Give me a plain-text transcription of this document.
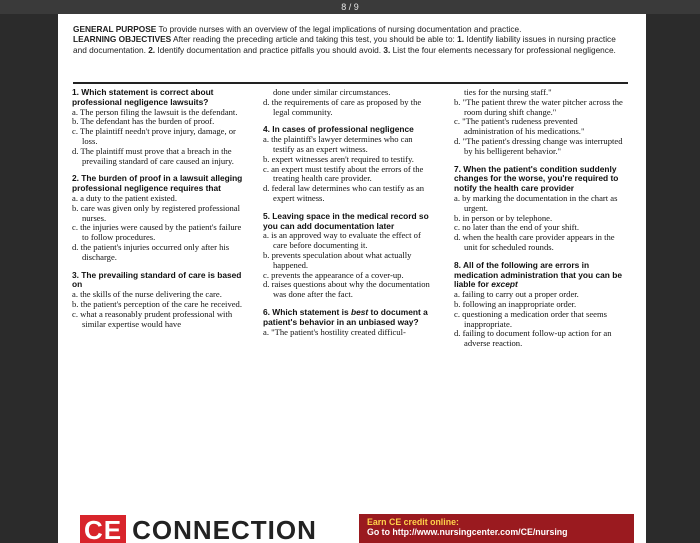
8 / 9
GENERAL PURPOSE To provide nurses with an overview of the legal implications of nursing documentation and practice.
LEARNING OBJECTIVES After reading the preceding article and taking this test, you should be able to: 1. Identify liability issues in nursing practice and documentation. 2. Identify documentation and practice pitfalls you should avoid. 3. List the four elements necessary for professional negligence.

1. Which statement is correct about professional negligence lawsuits?

a. The person filing the lawsuit is the defendant.

b. The defendant has the burden of proof.

c. The plaintiff needn't prove injury, damage, or loss.

d. The plaintiff must prove that a breach in the prevailing standard of care caused an injury.

2. The burden of proof in a lawsuit alleging professional negligence requires that

a. a duty to the patient existed.

b. care was given only by registered professional nurses.

c. the injuries were caused by the patient's failure to follow procedures.

d. the patient's injuries occurred only after his discharge.

3. The prevailing standard of care is based on

a. the skills of the nurse delivering the care.

b. the patient's perception of the care he received.

c. what a reasonably prudent professional with similar expertise would have

done under similar circumstances.

d. the requirements of care as proposed by the legal community.

4. In cases of professional negligence

a. the plaintiff's lawyer determines who can testify as an expert witness.

b. expert witnesses aren't required to testify.

c. an expert must testify about the errors of the treating health care provider.

d. federal law determines who can testify as an expert witness.

5. Leaving space in the medical record so you can add documentation later

a. is an approved way to evaluate the effect of care before documenting it.

b. prevents speculation about what actually happened.

c. prevents the appearance of a cover-up.

d. raises questions about why the documentation was done after the fact.

6. Which statement is best to document a patient's behavior in an unbiased way?

a. "The patient's hostility created difficul-

ties for the nursing staff."

b. "The patient threw the water pitcher across the room during shift change."

c. "The patient's rudeness prevented administration of his medications."

d. "The patient's dressing change was interrupted by his belligerent behavior."

7. When the patient's condition suddenly changes for the worse, you're required to notify the health care provider

a. by marking the documentation in the chart as urgent.

b. in person or by telephone.

c. no later than the end of your shift.

d. when the health care provider appears in the unit for scheduled rounds.

8. All of the following are errors in medication administration that you can be liable for except

a. failing to carry out a proper order.

b. following an inappropriate order.

c. questioning a medication order that seems inappropriate.

d. failing to document follow-up action for an adverse reaction.

CE CONNECTION	Earn CE credit online:
Go to http://www.nursingcenter.com/CE/nursing
